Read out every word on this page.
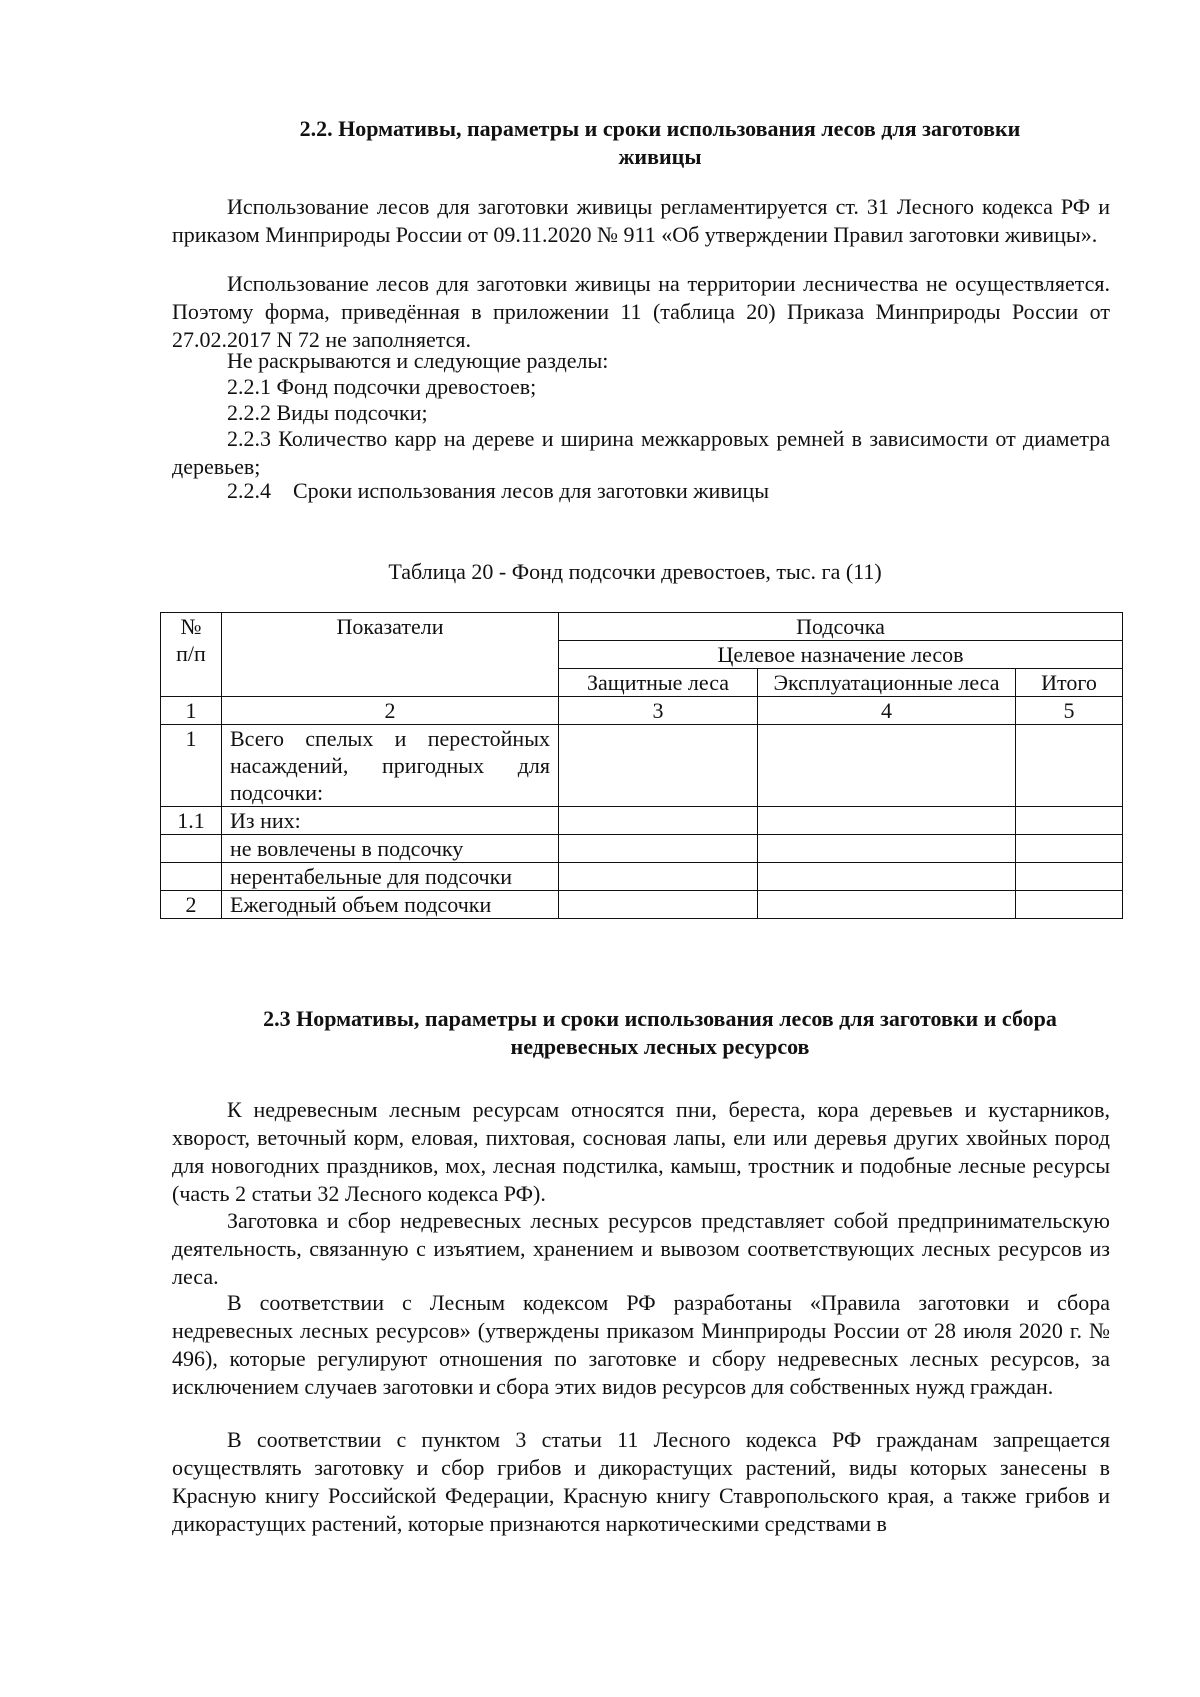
2.2. Нормативы, параметры и сроки использования лесов для заготовки
живицы

Использование лесов для заготовки живицы регламентируется ст. 31 Лесного кодекса РФ и приказом Минприроды России от 09.11.2020 № 911 «Об утверждении Правил заготовки живицы».

Использование лесов для заготовки живицы на территории лесничества не осуществляется. Поэтому форма, приведённая в приложении 11 (таблица 20) Приказа Минприроды России от 27.02.2017 N 72 не заполняется.

Не раскрываются и следующие разделы:

2.2.1 Фонд подсочки древостоев;

2.2.2 Виды подсочки;

2.2.3 Количество карр на дереве и ширина межкарровых ремней в зависимости от диаметра деревьев;

2.2.4    Сроки использования лесов для заготовки живицы

Таблица 20 - Фонд подсочки древостоев, тыс. га (11)

№ п/п	Показатели	Подсочка		
		Целевое назначение лесов		
		Защитные леса	Эксплуатационные леса	Итого
1	2	3	4	5
1	Всего спелых и перестойных насаждений, пригодных для подсочки:			
1.1	Из них:			
	не вовлечены в подсочку			
	нерентабельные для подсочки			
2	Ежегодный объем подсочки			
2.3 Нормативы, параметры и сроки использования лесов для заготовки и сбора
недревесных лесных ресурсов

К недревесным лесным ресурсам относятся пни, береста, кора деревьев и кустарников, хворост, веточный корм, еловая, пихтовая, сосновая лапы, ели или деревья других хвойных пород для новогодних праздников, мох, лесная подстилка, камыш, тростник и подобные лесные ресурсы (часть 2 статьи 32 Лесного кодекса РФ).

Заготовка и сбор недревесных лесных ресурсов представляет собой предпринимательскую деятельность, связанную с изъятием, хранением и вывозом соответствующих лесных ресурсов из леса.

В соответствии с Лесным кодексом РФ разработаны «Правила заготовки и сбора недревесных лесных ресурсов» (утверждены приказом Минприроды России от 28 июля 2020 г. № 496), которые регулируют отношения по заготовке и сбору недревесных лесных ресурсов, за исключением случаев заготовки и сбора этих видов ресурсов для собственных нужд граждан.

В соответствии с пунктом 3 статьи 11 Лесного кодекса РФ гражданам запрещается осуществлять заготовку и сбор грибов и дикорастущих растений, виды которых занесены в Красную книгу Российской Федерации, Красную книгу Ставропольского края, а также грибов и дикорастущих растений, которые признаются наркотическими средствами в
